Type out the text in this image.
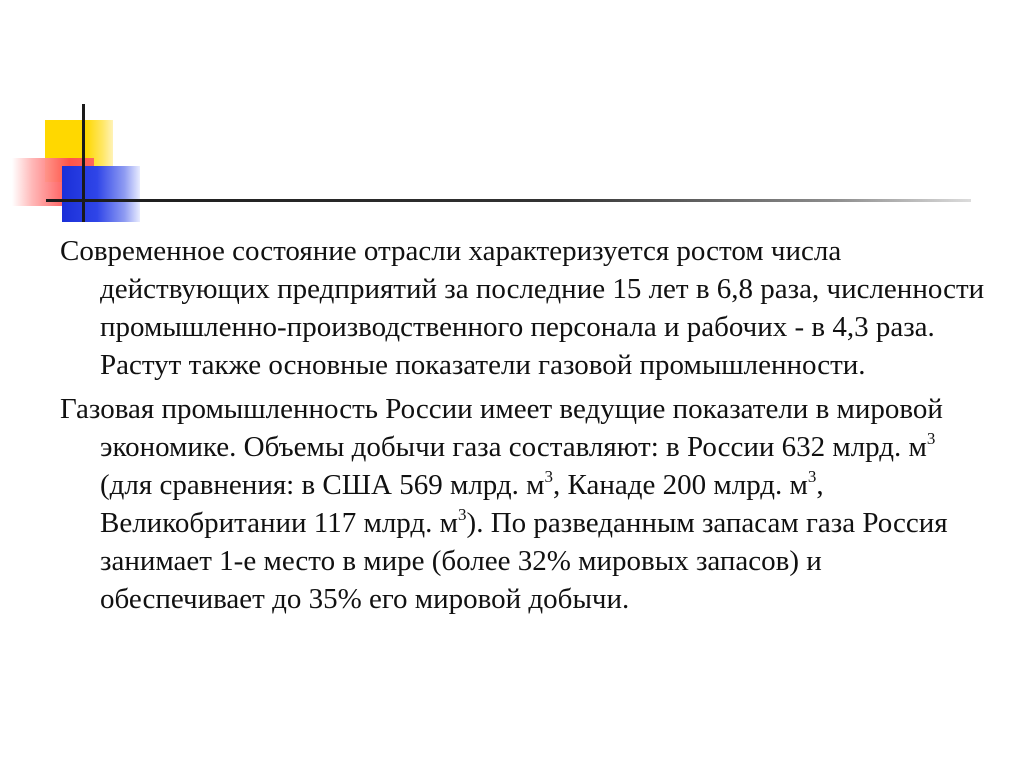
Современное состояние отрасли характеризуется ростом числа действующих предприятий за последние 15 лет в 6,8 раза, численности промышленно-производственного персонала и рабочих - в 4,3 раза. Растут также основные показатели газовой промышленности.

Газовая промышленность России имеет ведущие показатели в мировой экономике. Объемы добычи газа составляют: в России 632 млрд. $м^3$ (для сравнения: в США 569 млрд. $м^3$, Канаде 200 млрд. $м^3$, Великобритании 117 млрд. $м^3$). По разведанным запасам газа Россия занимает 1-е место в мире (более 32% мировых запасов) и обеспечивает до 35% его мировой добычи.
